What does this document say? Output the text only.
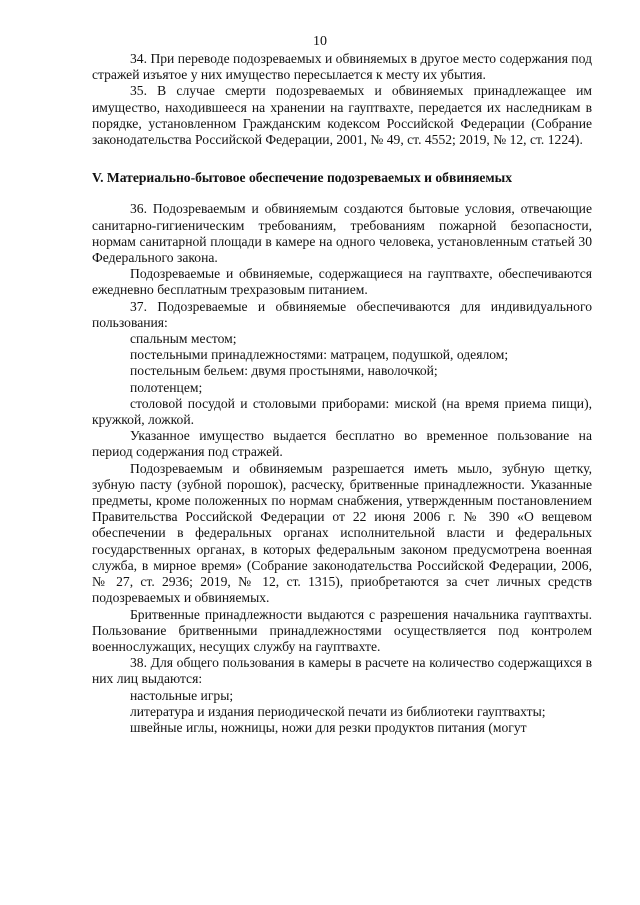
10

34. При переводе подозреваемых и обвиняемых в другое место содержания под стражей изъятое у них имущество пересылается к месту их убытия.

35. В случае смерти подозреваемых и обвиняемых принадлежащее им имущество, находившееся на хранении на гауптвахте, передается их наследникам в порядке, установленном Гражданским кодексом Российской Федерации (Собрание законодательства Российской Федерации, 2001, № 49, ст. 4552; 2019, № 12, ст. 1224).

V. Материально-бытовое обеспечение подозреваемых и обвиняемых

36. Подозреваемым и обвиняемым создаются бытовые условия, отвечающие санитарно-гигиеническим требованиям, требованиям пожарной безопасности, нормам санитарной площади в камере на одного человека, установленным статьей 30 Федерального закона.

Подозреваемые и обвиняемые, содержащиеся на гауптвахте, обеспечиваются ежедневно бесплатным трехразовым питанием.

37. Подозреваемые и обвиняемые обеспечиваются для индивидуального пользования:

спальным местом;

постельными принадлежностями: матрацем, подушкой, одеялом;

постельным бельем: двумя простынями, наволочкой;

полотенцем;

столовой посудой и столовыми приборами: миской (на время приема пищи), кружкой, ложкой.

Указанное имущество выдается бесплатно во временное пользование на период содержания под стражей.

Подозреваемым и обвиняемым разрешается иметь мыло, зубную щетку, зубную пасту (зубной порошок), расческу, бритвенные принадлежности. Указанные предметы, кроме положенных по нормам снабжения, утвержденным постановлением Правительства Российской Федерации от 22 июня 2006 г. № 390 «О вещевом обеспечении в федеральных органах исполнительной власти и федеральных государственных органах, в которых федеральным законом предусмотрена военная служба, в мирное время» (Собрание законодательства Российской Федерации, 2006, № 27, ст. 2936; 2019, № 12, ст. 1315), приобретаются за счет личных средств подозреваемых и обвиняемых.

Бритвенные принадлежности выдаются с разрешения начальника гауптвахты. Пользование бритвенными принадлежностями осуществляется под контролем военнослужащих, несущих службу на гауптвахте.

38. Для общего пользования в камеры в расчете на количество содержащихся в них лиц выдаются:

настольные игры;

литература и издания периодической печати из библиотеки гауптвахты;

швейные иглы, ножницы, ножи для резки продуктов питания (могут
